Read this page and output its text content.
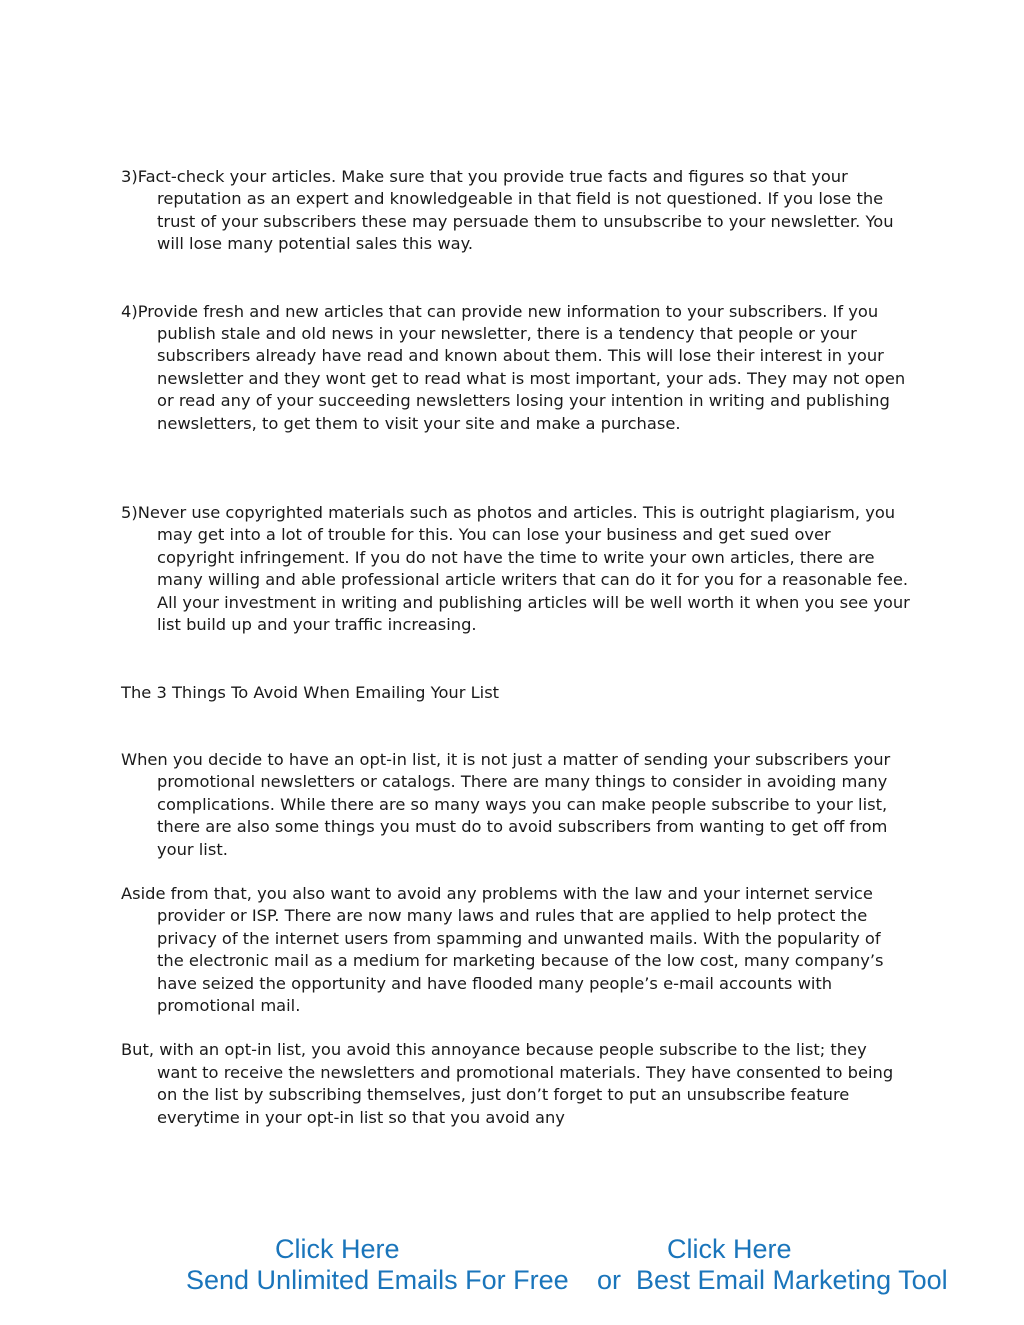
3)Fact-check your articles. Make sure that you provide true facts and figures so that your reputation as an expert and knowledgeable in that field is not questioned. If you lose the trust of your subscribers these may persuade them to unsubscribe to your newsletter. You will lose many potential sales this way.

4)Provide fresh and new articles that can provide new information to your subscribers. If you publish stale and old news in your newsletter, there is a tendency that people or your subscribers already have read and known about them. This will lose their interest in your newsletter and they wont get to read what is most important, your ads. They may not open or read any of your succeeding newsletters losing your intention in writing and publishing newsletters, to get them to visit your site and make a purchase.

5)Never use copyrighted materials such as photos and articles. This is outright plagiarism, you may get into a lot of trouble for this. You can lose your business and get sued over copyright infringement. If you do not have the time to write your own articles, there are many willing and able professional article writers that can do it for you for a reasonable fee. All your investment in writing and publishing articles will be well worth it when you see your list build up and your traffic increasing.

The 3 Things To Avoid When Emailing Your List

When you decide to have an opt-in list, it is not just a matter of sending your subscribers your promotional newsletters or catalogs. There are many things to consider in avoiding many complications. While there are so many ways you can make people subscribe to your list, there are also some things you must do to avoid subscribers from wanting to get off from your list.

Aside from that, you also want to avoid any problems with the law and your internet service provider or ISP. There are now many laws and rules that are applied to help protect the privacy of the internet users from spamming and unwanted mails. With the popularity of the electronic mail as a medium for marketing because of the low cost, many company’s have seized the opportunity and have flooded many people’s e-mail accounts with promotional mail.

But, with an opt-in list, you avoid this annoyance because people subscribe to the list; they want to receive the newsletters and promotional materials. They have consented to being on the list by subscribing themselves, just don’t forget to put an unsubscribe feature everytime in your opt-in list so that you avoid any

Click Here	Click Here
Send Unlimited Emails For Free or Best Email Marketing Tool
